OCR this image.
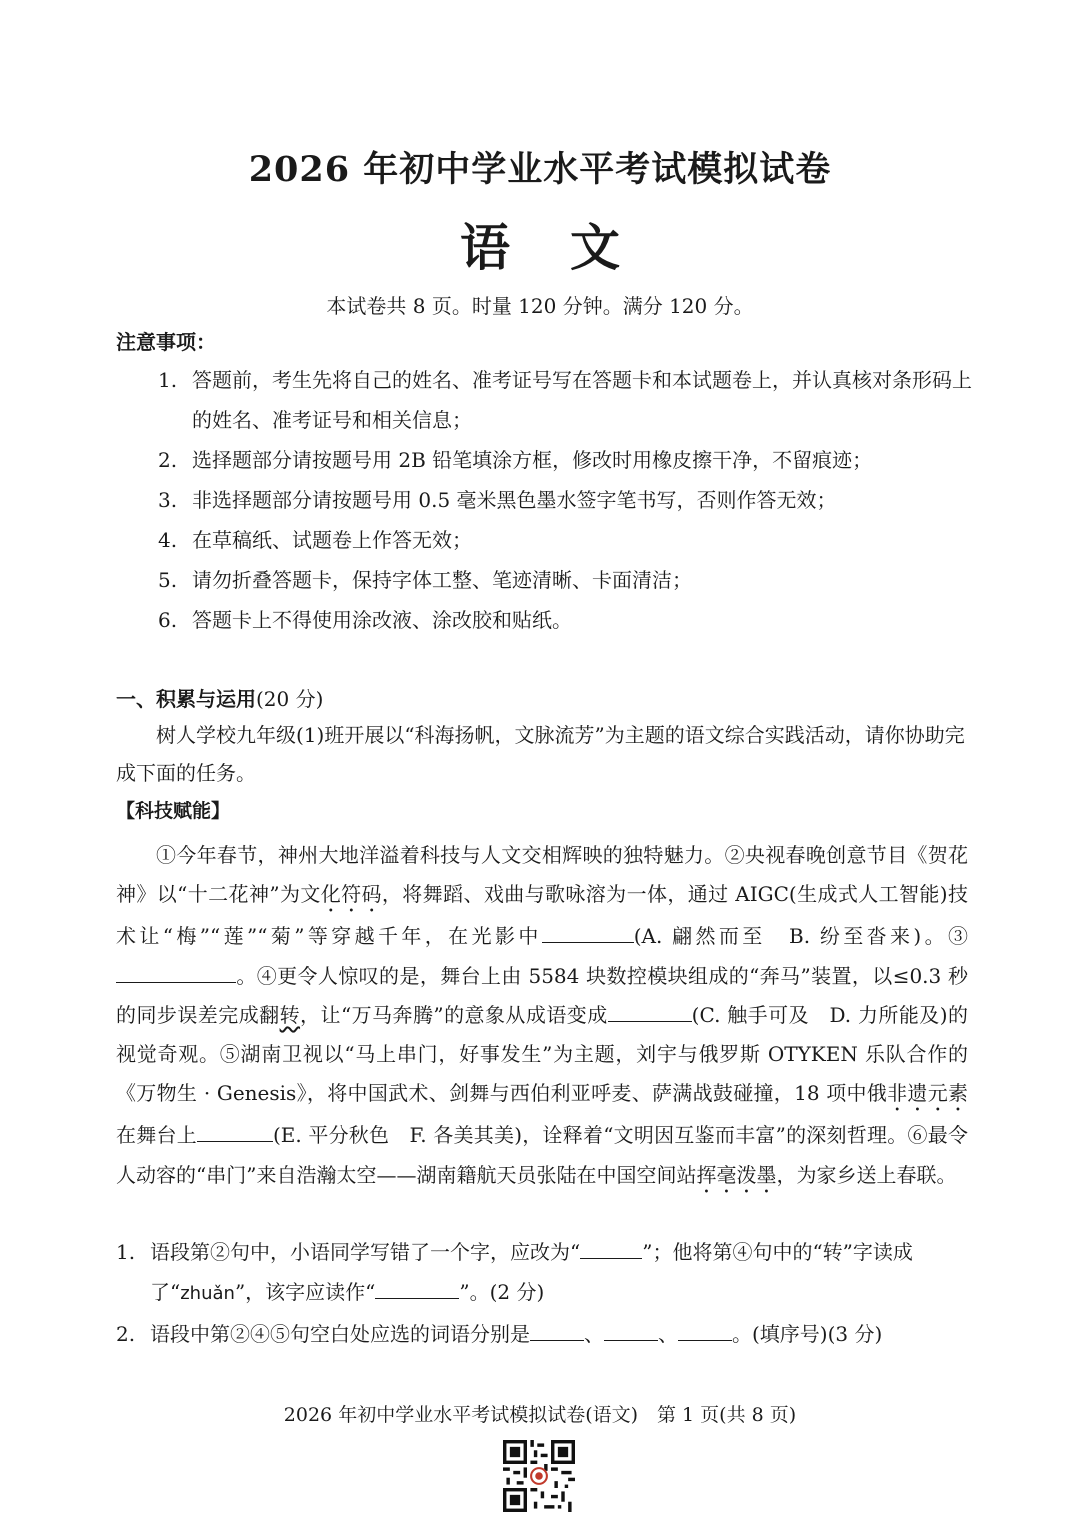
2026 年初中学业水平考试模拟试卷
语文
本试卷共 8 页。时量 120 分钟。满分 120 分。
注意事项：
1. 答题前，考生先将自己的姓名、准考证号写在答题卡和本试题卷上，并认真核对条形码上的姓名、准考证号和相关信息；
2. 选择题部分请按题号用 2B 铅笔填涂方框，修改时用橡皮擦干净，不留痕迹；
3. 非选择题部分请按题号用 0.5 毫米黑色墨水签字笔书写，否则作答无效；
4. 在草稿纸、试题卷上作答无效；
5. 请勿折叠答题卡，保持字体工整、笔迹清晰、卡面清洁；
6. 答题卡上不得使用涂改液、涂改胶和贴纸。
一、积累与运用(20 分)

树人学校九年级(1)班开展以“科海扬帆，文脉流芳”为主题的语文综合实践活动，请你协助完成下面的任务。

【科技赋能】

①今年春节，神州大地洋溢着科技与人文交相辉映的独特魅力。②央视春晚创意节目《贺花神》以“十二花神”为文化符码，将舞蹈、戏曲与歌咏溶为一体，通过 AIGC(生成式人工智能)技术让“梅”“莲”“菊”等穿越千年，在光影中	(A. 翩然而至　B. 纷至沓来)。③。④更令人惊叹的是，舞台上由 5584 块数控模块组成的“奔马”装置，以≤0.3 秒的同步误差完成翻转，让“万马奔腾”的意象从成语变成	(C. 触手可及　D. 力所能及)的视觉奇观。⑤湖南卫视以“马上串门，好事发生”为主题，刘宇与俄罗斯 OTYKEN 乐队合作的《万物生 · Genesis》，将中国武术、剑舞与西伯利亚呼麦、萨满战鼓碰撞，18 项中俄非遗元素在舞台上	(E. 平分秋色　F. 各美其美)，诠释着“文明因互鉴而丰富”的深刻哲理。⑥最令人动容的“串门”来自浩瀚太空——湖南籍航天员张陆在中国空间站挥毫泼墨，为家乡送上春联。

1. 语段第②句中，小语同学写错了一个字，应改为“	”；他将第④句中的“转”字读成了“zhuǎn”，该字应读作“	”。(2 分)
2. 语段中第②④⑤句空白处应选的词语分别是	、	、	。(填序号)(3 分)
2026 年初中学业水平考试模拟试卷(语文)　第 1 页(共 8 页)
